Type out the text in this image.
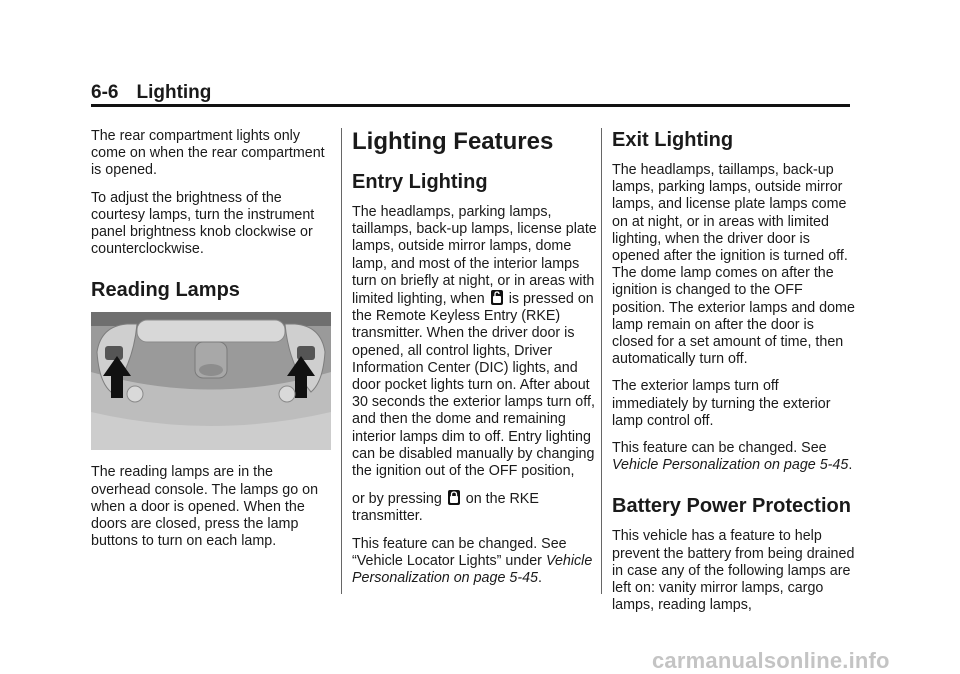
6-6 Lighting

The rear compartment lights only come on when the rear compartment is opened.

To adjust the brightness of the courtesy lamps, turn the instrument panel brightness knob clockwise or counterclockwise.

Reading Lamps

The reading lamps are in the overhead console. The lamps go on when a door is opened. When the doors are closed, press the lamp buttons to turn on each lamp.

Lighting Features
Entry Lighting

The headlamps, parking lamps, taillamps, back-up lamps, license plate lamps, outside mirror lamps, dome lamp, and most of the interior lamps turn on briefly at night, or in areas with limited lighting, when is pressed on the Remote Keyless Entry (RKE) transmitter. When the driver door is opened, all control lights, Driver Information Center (DIC) lights, and door pocket lights turn on. After about 30 seconds the exterior lamps turn off, and then the dome and remaining interior lamps dim to off. Entry lighting can be disabled manually by changing the ignition out of the OFF position,

or by pressing on the RKE transmitter.

This feature can be changed. See “Vehicle Locator Lights” under Vehicle Personalization on page 5-45.

Exit Lighting

The headlamps, taillamps, back-up lamps, parking lamps, outside mirror lamps, and license plate lamps come on at night, or in areas with limited lighting, when the driver door is opened after the ignition is turned off. The dome lamp comes on after the ignition is changed to the OFF position. The exterior lamps and dome lamp remain on after the door is closed for a set amount of time, then automatically turn off.

The exterior lamps turn off immediately by turning the exterior lamp control off.

This feature can be changed. See Vehicle Personalization on page 5-45.

Battery Power Protection

This vehicle has a feature to help prevent the battery from being drained in case any of the following lamps are left on: vanity mirror lamps, cargo lamps, reading lamps,

carmanualsonline.info
